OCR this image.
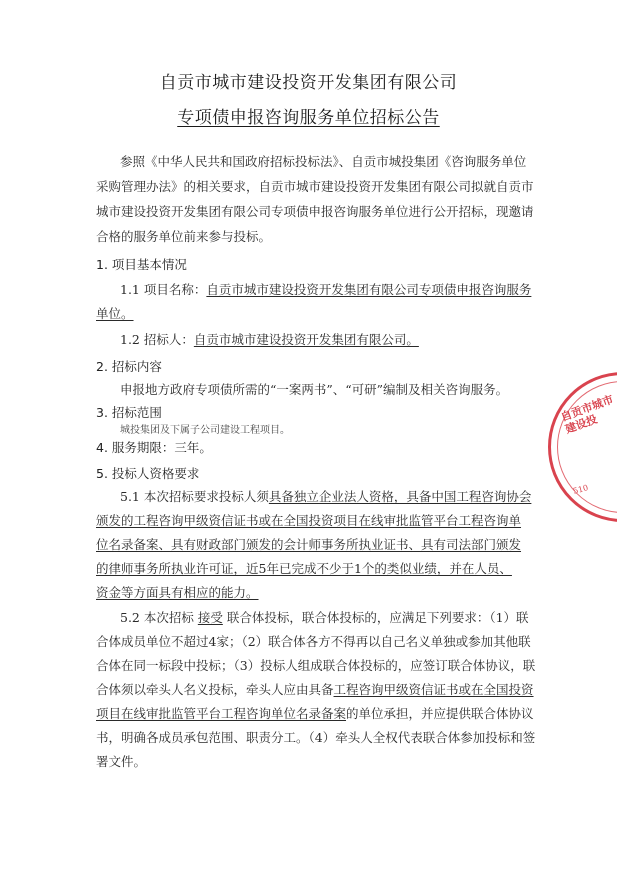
自贡市城市建设投资开发集团有限公司
专项债申报咨询服务单位招标公告
参照《中华人民共和国政府招标投标法》、自贡市城投集团《咨询服务单位
采购管理办法》的相关要求，自贡市城市建设投资开发集团有限公司拟就自贡市
城市建设投资开发集团有限公司专项债申报咨询服务单位进行公开招标，现邀请
合格的服务单位前来参与投标。
1. 项目基本情况
1.1 项目名称：自贡市城市建设投资开发集团有限公司专项债申报咨询服务
单位。
1.2 招标人：自贡市城市建设投资开发集团有限公司。
2. 招标内容
申报地方政府专项债所需的“一案两书”、“可研”编制及相关咨询服务。
3. 招标范围
城投集团及下属子公司建设工程项目。
4. 服务期限：三年。
5. 投标人资格要求
5.1 本次招标要求投标人须具备独立企业法人资格，具备中国工程咨询协会
颁发的工程咨询甲级资信证书或在全国投资项目在线审批监管平台工程咨询单
位名录备案、具有财政部门颁发的会计师事务所执业证书、具有司法部门颁发
的律师事务所执业许可证，近5年已完成不少于1个的类似业绩，并在人员、
资金等方面具有相应的能力。
5.2 本次招标 接受 联合体投标，联合体投标的，应满足下列要求：（1）联
合体成员单位不超过4家；（2）联合体各方不得再以自己名义单独或参加其他联
合体在同一标段中投标；（3）投标人组成联合体投标的，应签订联合体协议，联
合体须以牵头人名义投标，牵头人应由具备工程咨询甲级资信证书或在全国投资
项目在线审批监管平台工程咨询单位名录备案的单位承担，并应提供联合体协议
书，明确各成员承包范围、职责分工。（4）牵头人全权代表联合体参加投标和签
署文件。
自贡市城市建设投
510
